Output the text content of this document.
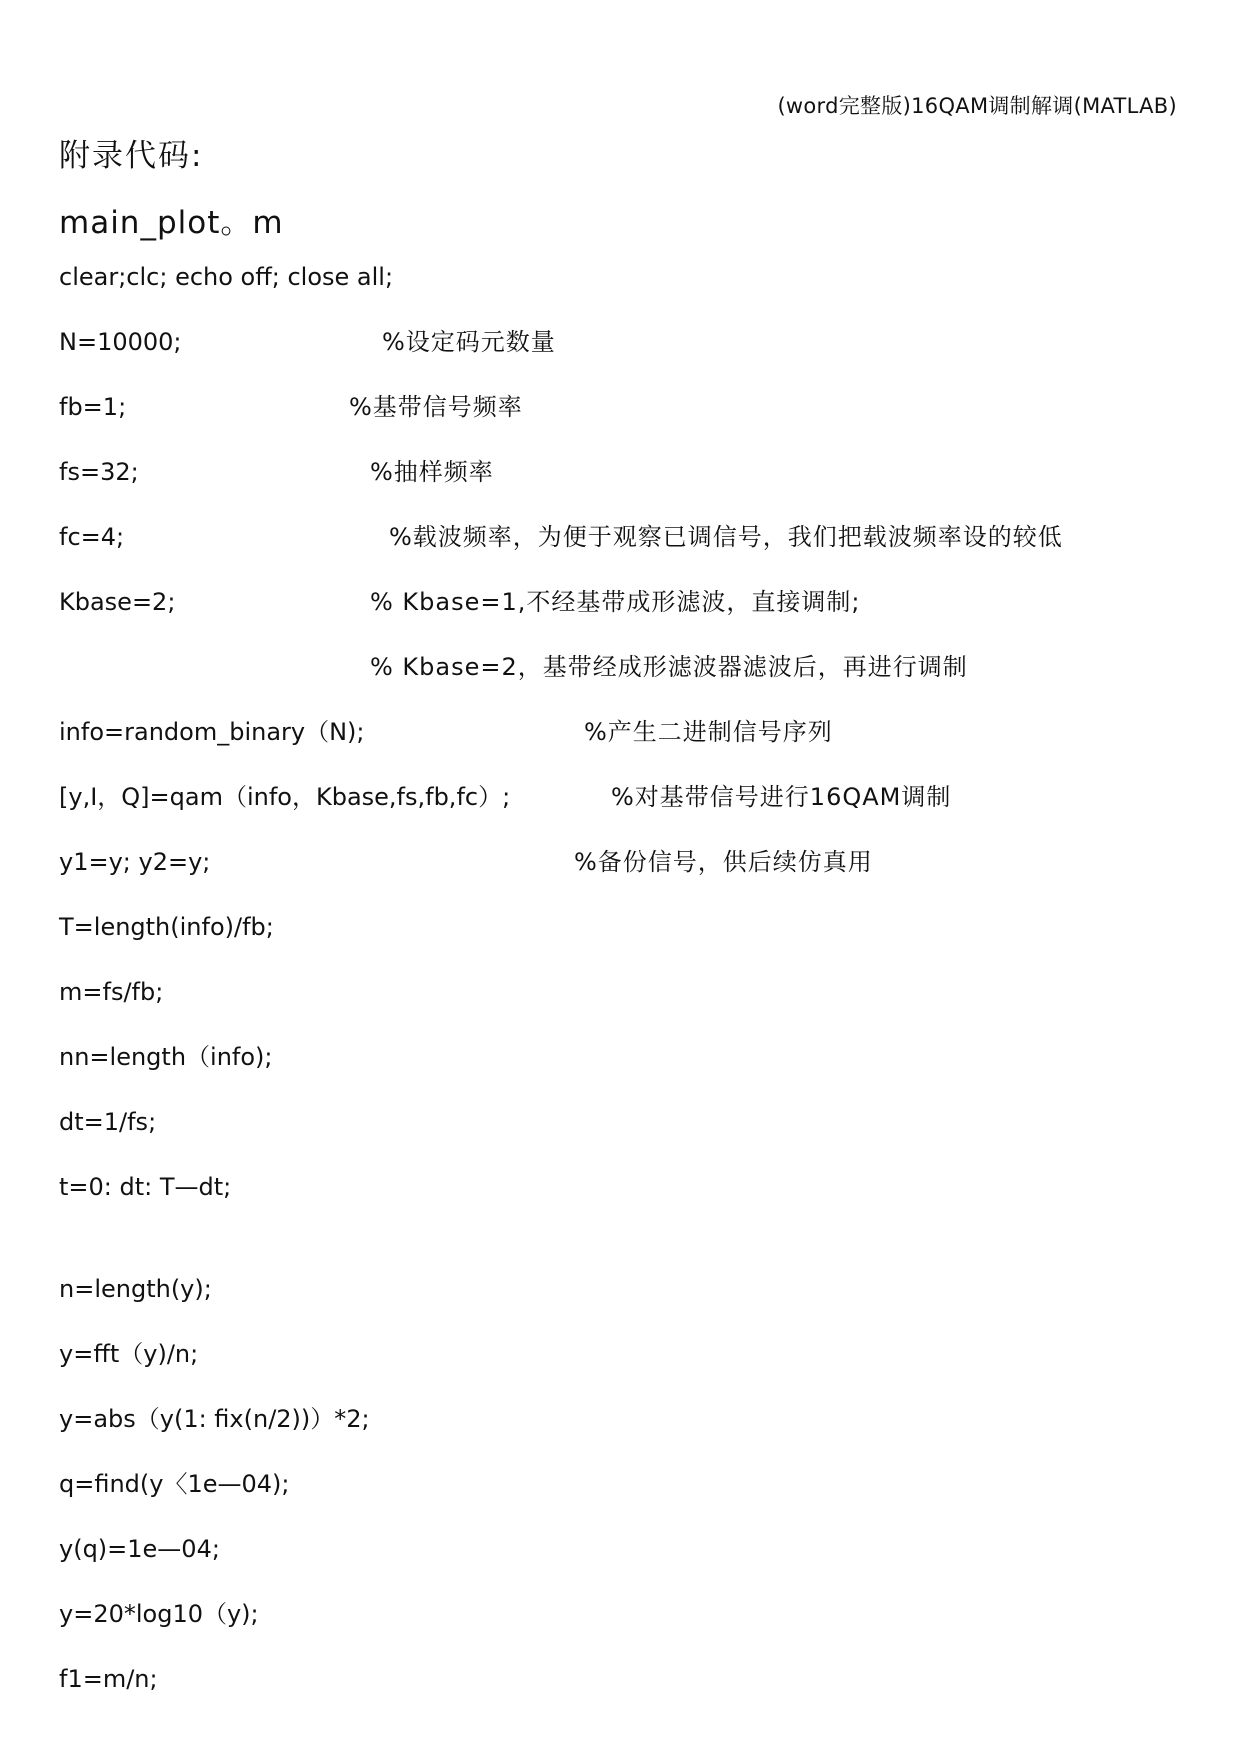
(word完整版)16QAM调制解调(MATLAB)
附录代码:
main_plot。m
clear;clc; echo off; close all;
N=10000;	%设定码元数量
fb=1;	%基带信号频率
fs=32;	%抽样频率
fc=4;	%载波频率，为便于观察已调信号，我们把载波频率设的较低
Kbase=2;	% Kbase=1,不经基带成形滤波，直接调制;
% Kbase=2，基带经成形滤波器滤波后，再进行调制
info=random_binary（N);	%产生二进制信号序列
[y,I，Q]=qam（info，Kbase,fs,fb,fc）;	%对基带信号进行16QAM调制
y1=y; y2=y;	%备份信号，供后续仿真用
T=length(info)/fb;
m=fs/fb;
nn=length（info);
dt=1/fs;
t=0: dt: T—dt;
n=length(y);
y=fft（y)/n;
y=abs（y(1: fix(n/2))）*2;
q=find(y〈1e—04);
y(q)=1e—04;
y=20*log10（y);
f1=m/n;
